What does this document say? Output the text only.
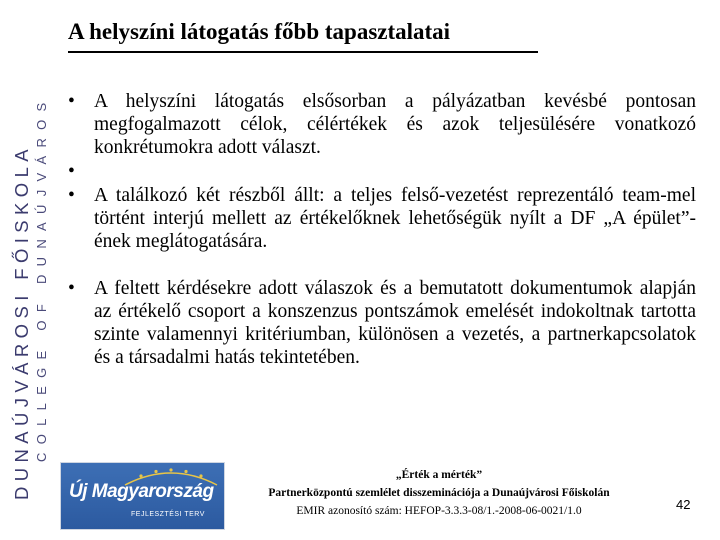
DUNAÚJVÁROSI FŐISKOLA COLLEGE OF DUNAÚJVÁROS
A helyszíni látogatás főbb tapasztalatai
• A helyszíni látogatás elsősorban a pályázatban kevésbé pontosan megfogalmazott célok, célértékek és azok teljesülésére vonatkozó konkrétumokra adott választ.
•
• A találkozó két részből állt: a teljes felső-vezetést reprezentáló team-mel történt interjú mellett az értékelőknek lehetőségük nyílt a DF „A épület”-ének meglátogatására.
• A feltett kérdésekre adott válaszok és a bemutatott dokumentumok alapján az értékelő csoport a konszenzus pontszámok emelését indokoltnak tartotta szinte valamennyi kritériumban, különösen a vezetés, a partnerkapcsolatok és a társadalmi hatás tekintetében.
Új Magyarország
FEJLESZTÉSI TERV
„Érték a mérték”
Partnerközpontú szemlélet disszeminációja a Dunaújvárosi Főiskolán
EMIR azonosító szám: HEFOP-3.3.3-08/1.-2008-06-0021/1.0	42
